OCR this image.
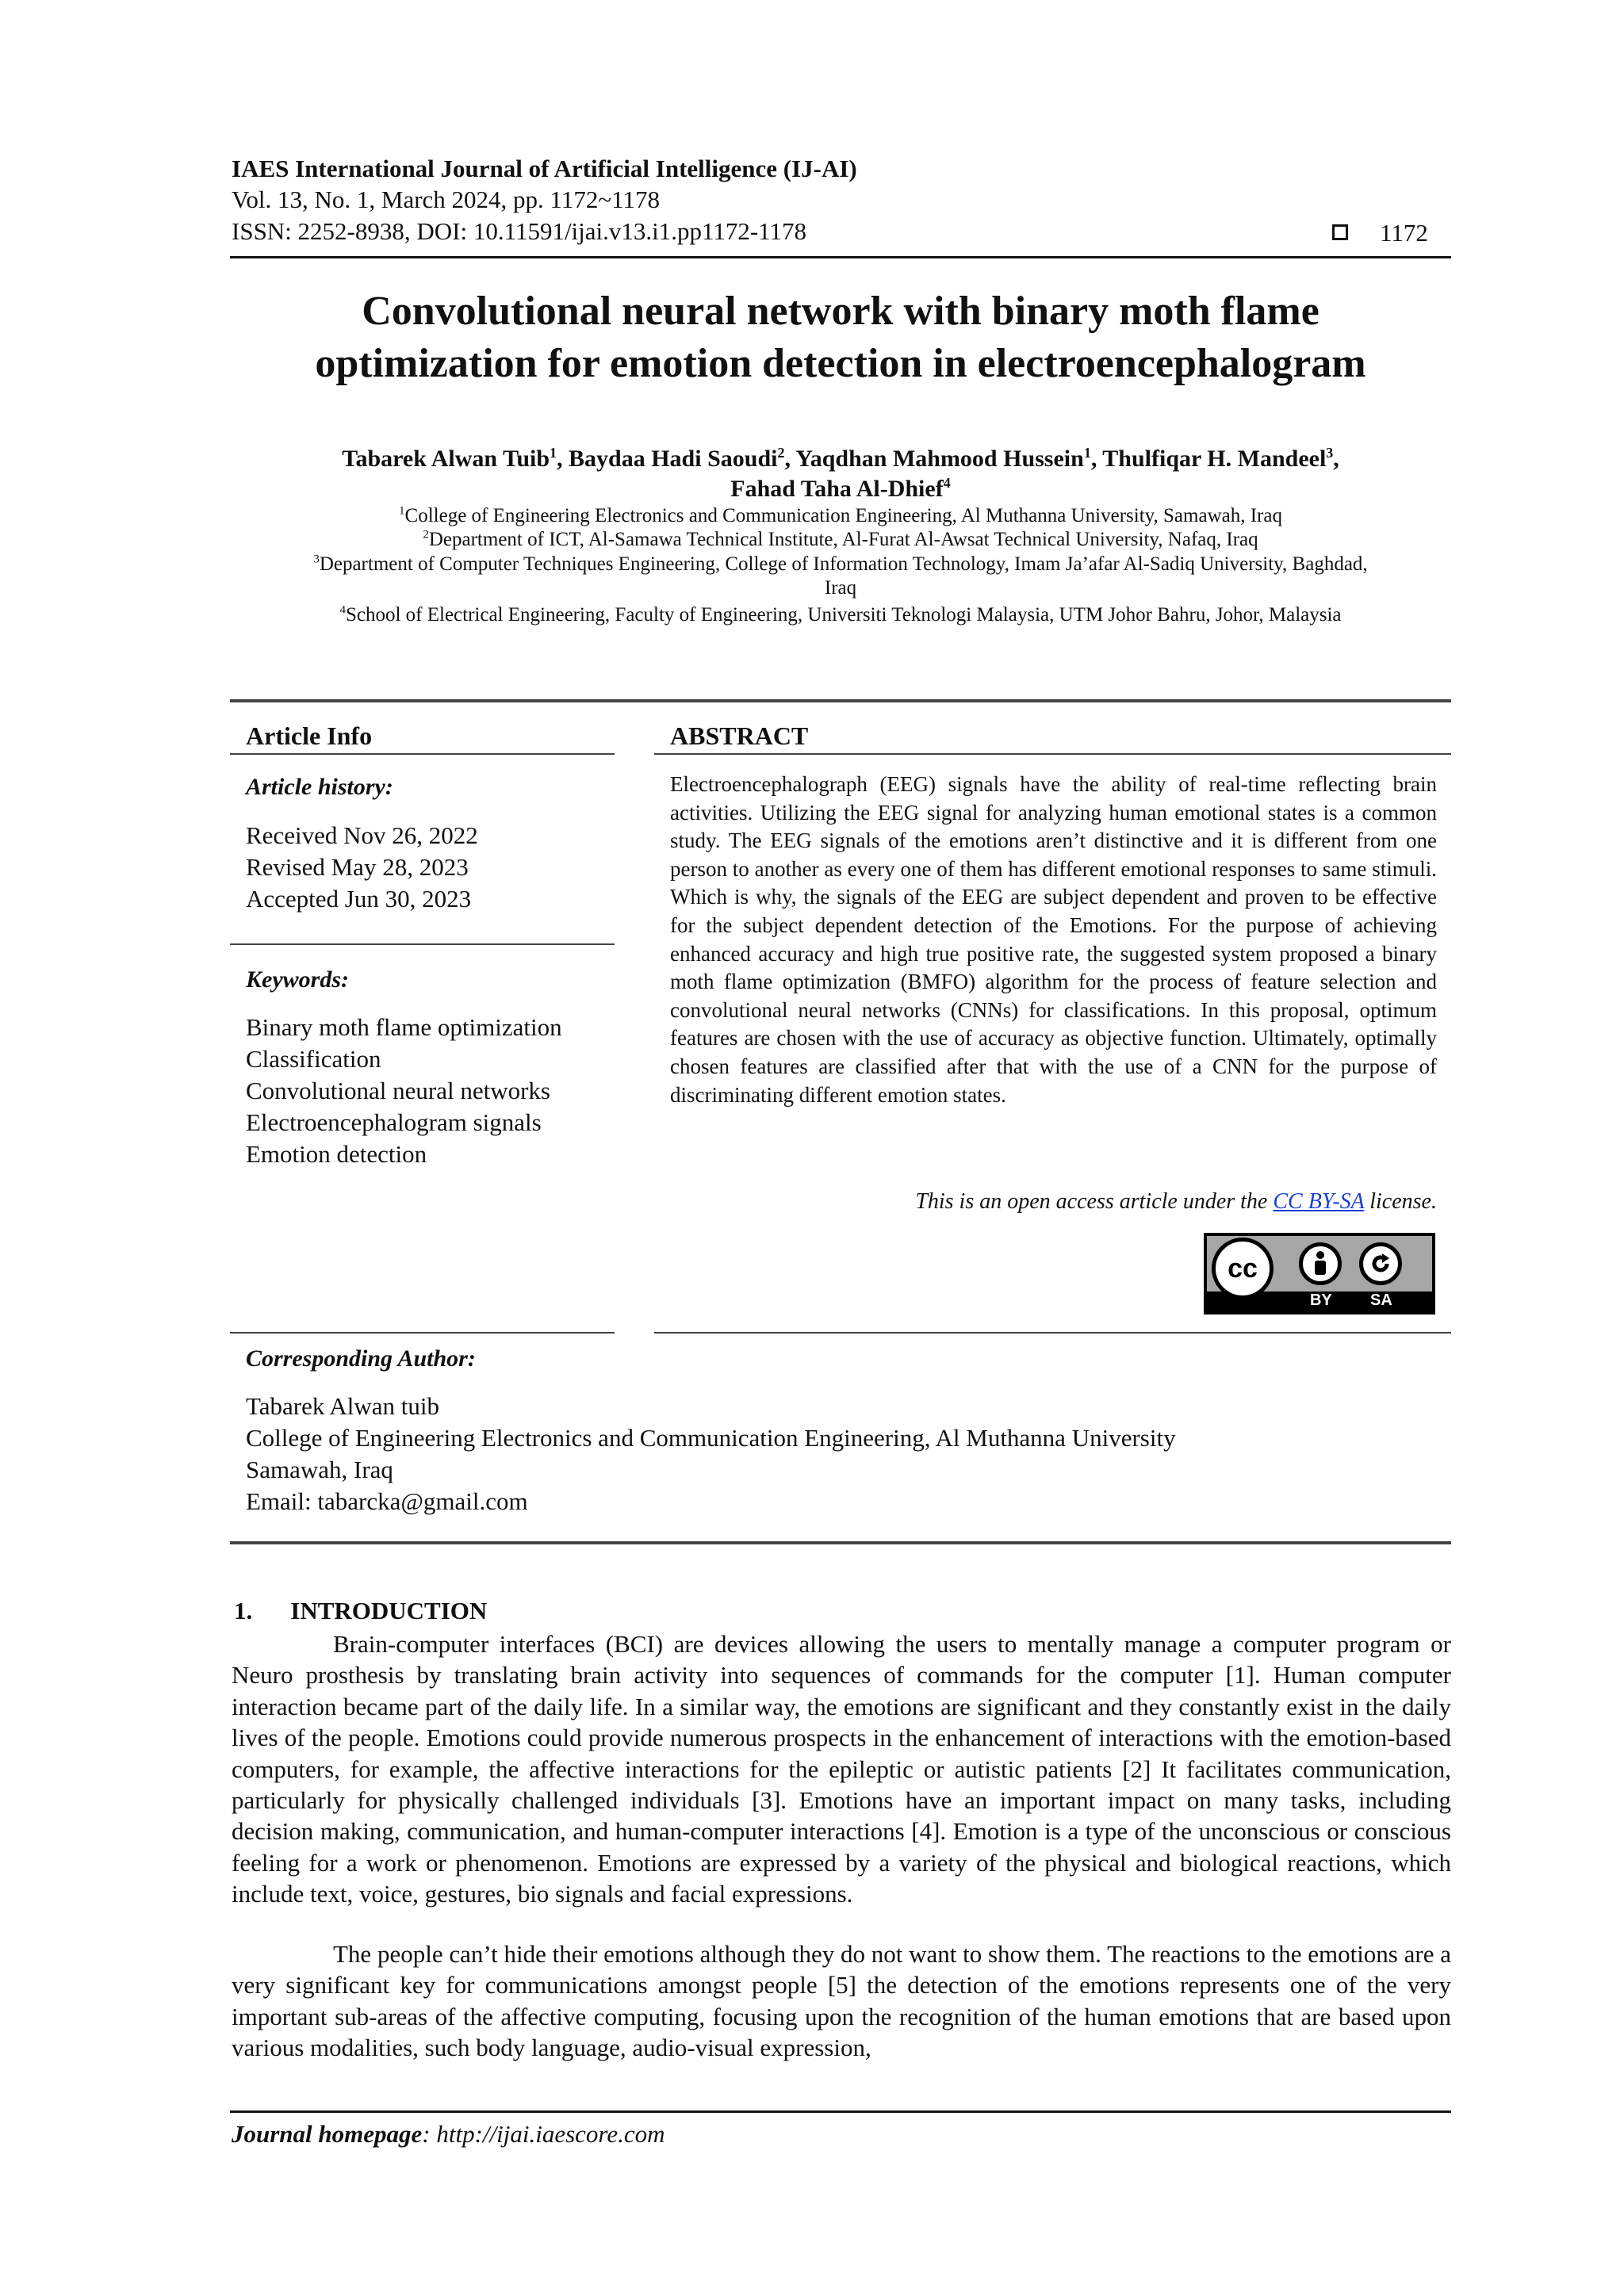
IAES International Journal of Artificial Intelligence (IJ-AI)
Vol. 13, No. 1, March 2024, pp. 1172~1178
ISSN: 2252-8938, DOI: 10.11591/ijai.v13.i1.pp1172-1178	1172
Convolutional neural network with binary moth flame
optimization for emotion detection in electroencephalogram
Tabarek Alwan Tuib$^1$, Baydaa Hadi Saoudi$^2$, Yaqdhan Mahmood Hussein$^1$, Thulfiqar H. Mandeel$^3$,
Fahad Taha Al-Dhief$^4$
$^1$College of Engineering Electronics and Communication Engineering, Al Muthanna University, Samawah, Iraq
$^2$Department of ICT, Al-Samawa Technical Institute, Al-Furat Al-Awsat Technical University, Nafaq, Iraq
$^3$Department of Computer Techniques Engineering, College of Information Technology, Imam Ja’afar Al-Sadiq University, Baghdad,
Iraq
$^4$School of Electrical Engineering, Faculty of Engineering, Universiti Teknologi Malaysia, UTM Johor Bahru, Johor, Malaysia
Article Info
Article history:
Received Nov 26, 2022
Revised May 28, 2023
Accepted Jun 30, 2023
Keywords:
Binary moth flame optimization
Classification
Convolutional neural networks
Electroencephalogram signals
Emotion detection
ABSTRACT
Electroencephalograph (EEG) signals have the ability of real-time reflecting brain activities. Utilizing the EEG signal for analyzing human emotional states is a common study. The EEG signals of the emotions aren’t distinctive and it is different from one person to another as every one of them has different emotional responses to same stimuli. Which is why, the signals of the EEG are subject dependent and proven to be effective for the subject dependent detection of the Emotions. For the purpose of achieving enhanced accuracy and high true positive rate, the suggested system proposed a binary moth flame optimization (BMFO) algorithm for the process of feature selection and convolutional neural networks (CNNs) for classifications. In this proposal, optimum features are chosen with the use of accuracy as objective function. Ultimately, optimally chosen features are classified after that with the use of a CNN for the purpose of discriminating different emotion states.
This is an open access article under the CC BY-SA license.
cc
BY SA
Corresponding Author:
Tabarek Alwan tuib
College of Engineering Electronics and Communication Engineering, Al Muthanna University
Samawah, Iraq
Email: tabarcka@gmail.com
1. INTRODUCTION
Brain-computer interfaces (BCI) are devices allowing the users to mentally manage a computer program or Neuro prosthesis by translating brain activity into sequences of commands for the computer [1]. Human computer interaction became part of the daily life. In a similar way, the emotions are significant and they constantly exist in the daily lives of the people. Emotions could provide numerous prospects in the enhancement of interactions with the emotion-based computers, for example, the affective interactions for the epileptic or autistic patients [2] It facilitates communication, particularly for physically challenged individuals [3]. Emotions have an important impact on many tasks, including decision making, communication, and human-computer interactions [4]. Emotion is a type of the unconscious or conscious feeling for a work or phenomenon. Emotions are expressed by a variety of the physical and biological reactions, which include text, voice, gestures, bio signals and facial expressions.
The people can’t hide their emotions although they do not want to show them. The reactions to the emotions are a very significant key for communications amongst people [5] the detection of the emotions represents one of the very important sub-areas of the affective computing, focusing upon the recognition of the human emotions that are based upon various modalities, such body language, audio-visual expression,
Journal homepage: http://ijai.iaescore.com
